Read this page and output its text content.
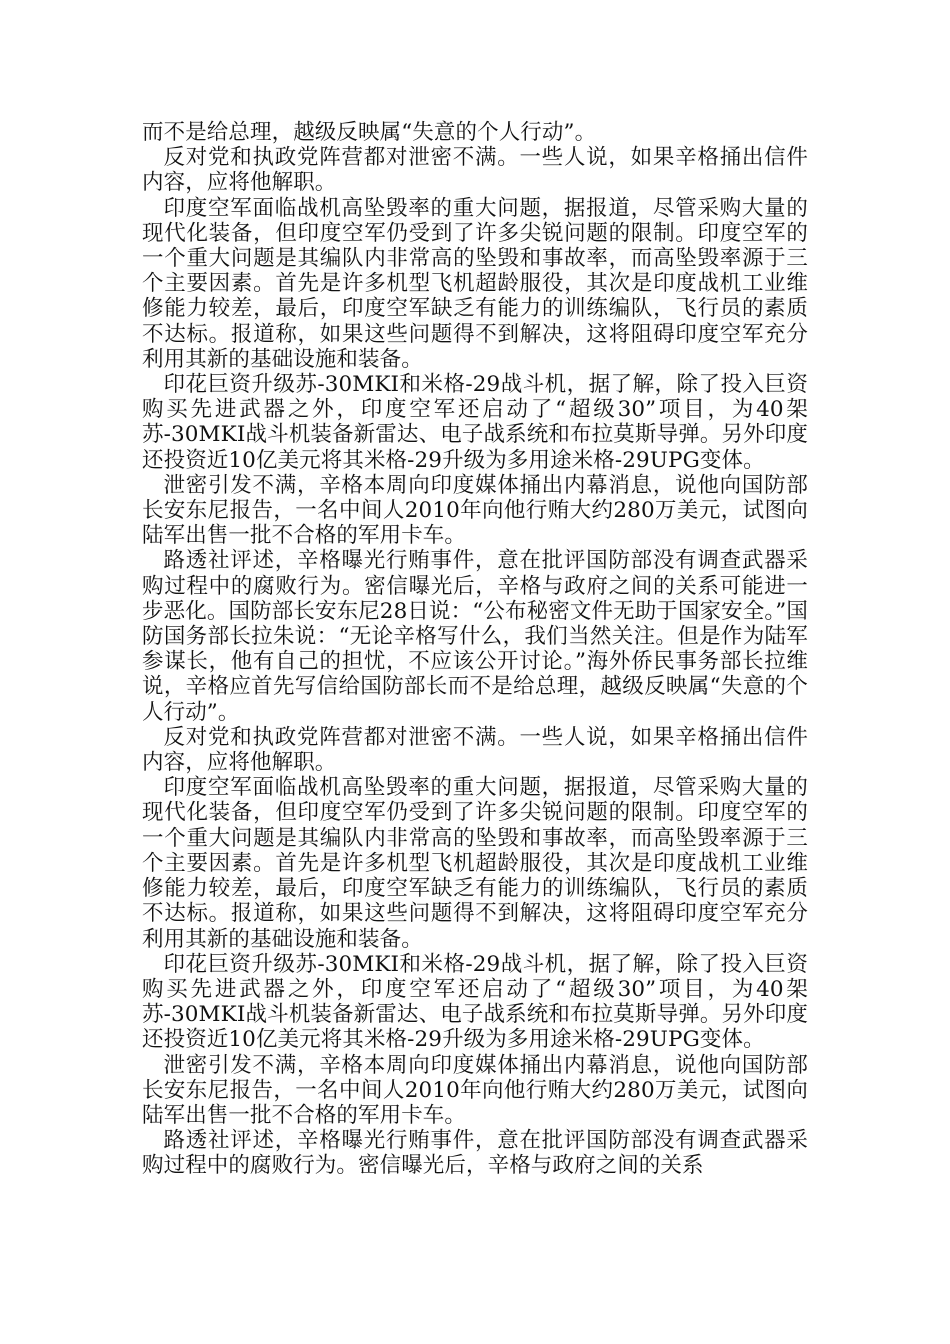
而不是给总理，越级反映属“失意的个人行动”。

反对党和执政党阵营都对泄密不满。一些人说，如果辛格捅出信件内容，应将他解职。

印度空军面临战机高坠毁率的重大问题，据报道，尽管采购大量的现代化装备，但印度空军仍受到了许多尖锐问题的限制。印度空军的一个重大问题是其编队内非常高的坠毁和事故率，而高坠毁率源于三个主要因素。首先是许多机型飞机超龄服役，其次是印度战机工业维修能力较差，最后，印度空军缺乏有能力的训练编队，飞行员的素质不达标。报道称，如果这些问题得不到解决，这将阻碍印度空军充分利用其新的基础设施和装备。

印花巨资升级苏-30MKI和米格-29战斗机，据了解，除了投入巨资购买先进武器之外，印度空军还启动了“超级30”项目，为40架苏-30MKI战斗机装备新雷达、电子战系统和布拉莫斯导弹。另外印度还投资近10亿美元将其米格-29升级为多用途米格-29UPG变体。

泄密引发不满，辛格本周向印度媒体捅出内幕消息，说他向国防部长安东尼报告，一名中间人2010年向他行贿大约280万美元，试图向陆军出售一批不合格的军用卡车。

路透社评述，辛格曝光行贿事件，意在批评国防部没有调查武器采购过程中的腐败行为。密信曝光后，辛格与政府之间的关系可能进一步恶化。国防部长安东尼28日说：“公布秘密文件无助于国家安全。”国防国务部长拉朱说：“无论辛格写什么，我们当然关注。但是作为陆军参谋长，他有自己的担忧，不应该公开讨论。”海外侨民事务部长拉维说，辛格应首先写信给国防部长而不是给总理，越级反映属“失意的个人行动”。

反对党和执政党阵营都对泄密不满。一些人说，如果辛格捅出信件内容，应将他解职。

印度空军面临战机高坠毁率的重大问题，据报道，尽管采购大量的现代化装备，但印度空军仍受到了许多尖锐问题的限制。印度空军的一个重大问题是其编队内非常高的坠毁和事故率，而高坠毁率源于三个主要因素。首先是许多机型飞机超龄服役，其次是印度战机工业维修能力较差，最后，印度空军缺乏有能力的训练编队，飞行员的素质不达标。报道称，如果这些问题得不到解决，这将阻碍印度空军充分利用其新的基础设施和装备。

印花巨资升级苏-30MKI和米格-29战斗机，据了解，除了投入巨资购买先进武器之外，印度空军还启动了“超级30”项目，为40架苏-30MKI战斗机装备新雷达、电子战系统和布拉莫斯导弹。另外印度还投资近10亿美元将其米格-29升级为多用途米格-29UPG变体。

泄密引发不满，辛格本周向印度媒体捅出内幕消息，说他向国防部长安东尼报告，一名中间人2010年向他行贿大约280万美元，试图向陆军出售一批不合格的军用卡车。

路透社评述，辛格曝光行贿事件，意在批评国防部没有调查武器采购过程中的腐败行为。密信曝光后，辛格与政府之间的关系
